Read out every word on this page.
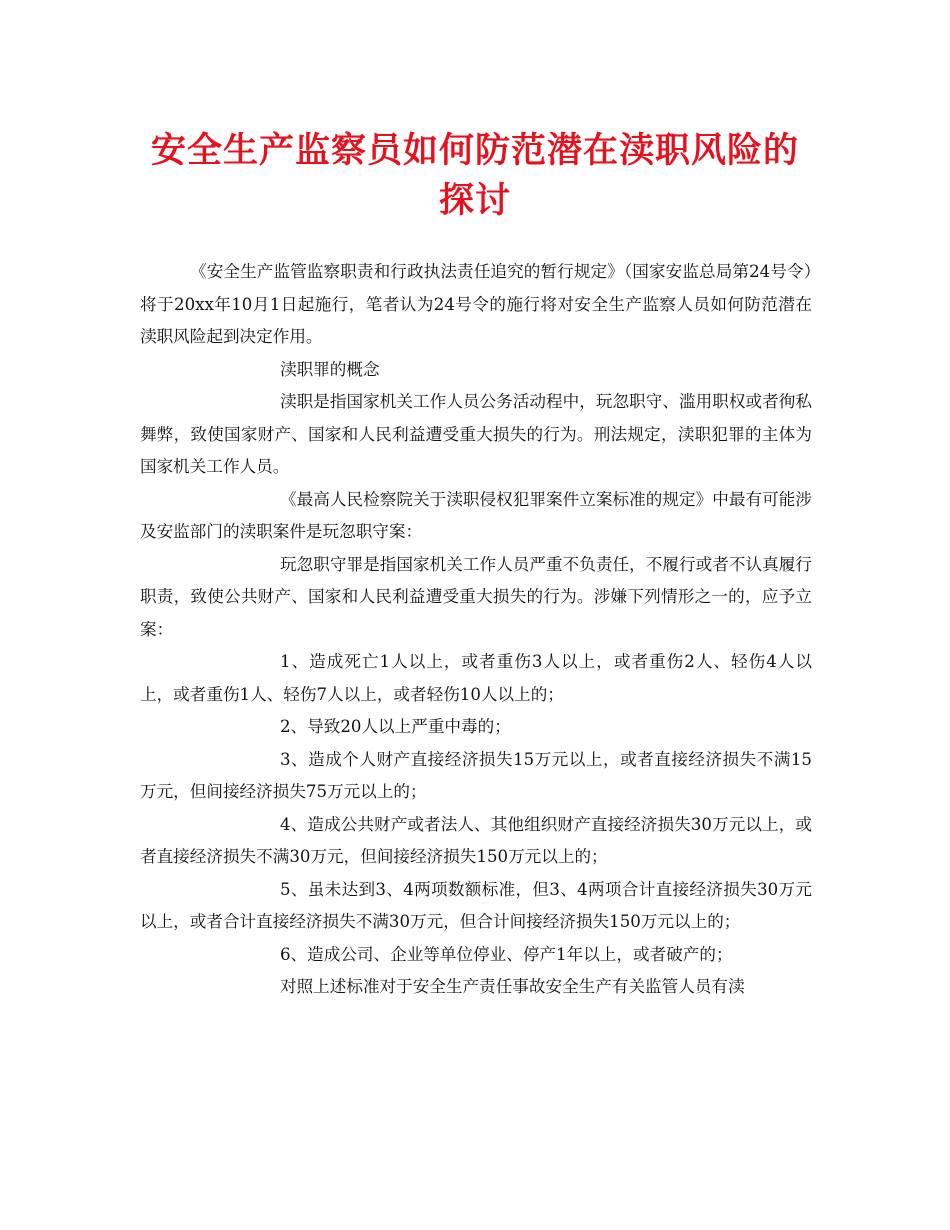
安全生产监察员如何防范潜在渎职风险的探讨

《安全生产监管监察职责和行政执法责任追究的暂行规定》（国家安监总局第24号令）将于20xx年10月1日起施行，笔者认为24号令的施行将对安全生产监察人员如何防范潜在渎职风险起到决定作用。

渎职罪的概念

渎职是指国家机关工作人员公务活动程中，玩忽职守、滥用职权或者徇私舞弊，致使国家财产、国家和人民利益遭受重大损失的行为。刑法规定，渎职犯罪的主体为国家机关工作人员。

《最高人民检察院关于渎职侵权犯罪案件立案标准的规定》中最有可能涉及安监部门的渎职案件是玩忽职守案：

玩忽职守罪是指国家机关工作人员严重不负责任，不履行或者不认真履行职责，致使公共财产、国家和人民利益遭受重大损失的行为。涉嫌下列情形之一的，应予立案：

1、造成死亡1人以上，或者重伤3人以上，或者重伤2人、轻伤4人以上，或者重伤1人、轻伤7人以上，或者轻伤10人以上的；

2、导致20人以上严重中毒的；

3、造成个人财产直接经济损失15万元以上，或者直接经济损失不满15万元，但间接经济损失75万元以上的；

4、造成公共财产或者法人、其他组织财产直接经济损失30万元以上，或者直接经济损失不满30万元，但间接经济损失150万元以上的；

5、虽未达到3、4两项数额标准，但3、4两项合计直接经济损失30万元以上，或者合计直接经济损失不满30万元，但合计间接经济损失150万元以上的；

6、造成公司、企业等单位停业、停产1年以上，或者破产的；

对照上述标准对于安全生产责任事故安全生产有关监管人员有渎
